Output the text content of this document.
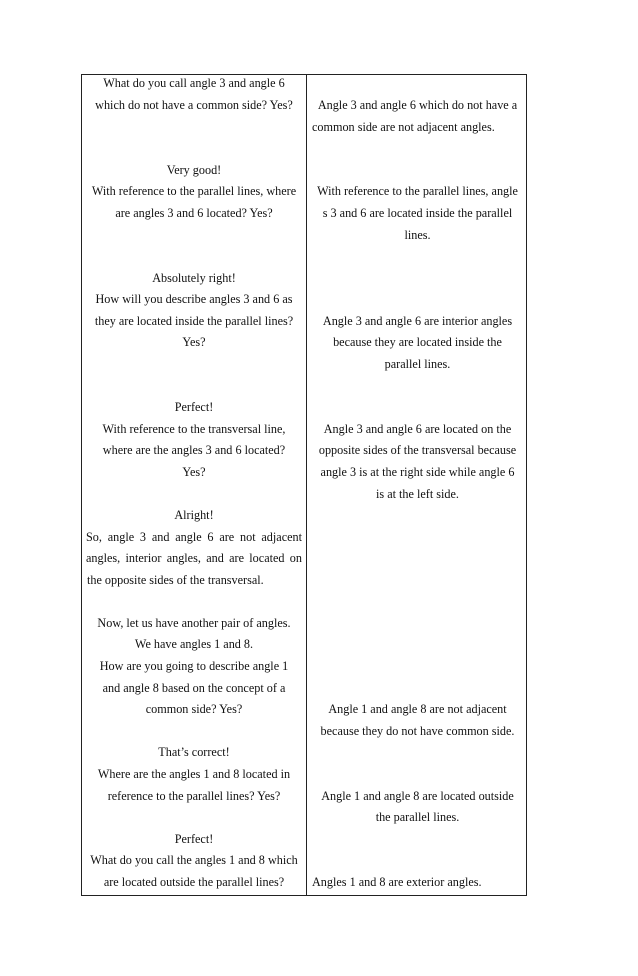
What do you call angle 3 and angle 6
which do not have a common side? Yes?
Very good!
With reference to the parallel lines, where
are angles 3 and 6 located? Yes?
Absolutely right!
How will you describe angles 3 and 6 as
they are located inside the parallel lines?
Yes?
Perfect!
With reference to the transversal line,
where are the angles 3 and 6 located?
Yes?
Alright!
So, angle 3 and angle 6 are not adjacent
angles, interior angles, and are located on
the opposite sides of the transversal.
Now, let us have another pair of angles.
We have angles 1 and 8.
How are you going to describe angle 1
and angle 8 based on the concept of a
common side? Yes?
That’s correct!
Where are the angles 1 and 8 located in
reference to the parallel lines? Yes?
Perfect!
What do you call the angles 1 and 8 which
are located outside the parallel lines?
Angle 3 and angle 6 which do not have a
common side are not adjacent angles.
With reference to the parallel lines, angle
s 3 and 6 are located inside the parallel
lines.
Angle 3 and angle 6 are interior angles
because they are located inside the
parallel lines.
Angle 3 and angle 6 are located on the
opposite sides of the transversal because
angle 3 is at the right side while angle 6
is at the left side.
Angle 1 and angle 8 are not adjacent
because they do not have common side.
Angle 1 and angle 8 are located outside
the parallel lines.
Angles 1 and 8 are exterior angles.
